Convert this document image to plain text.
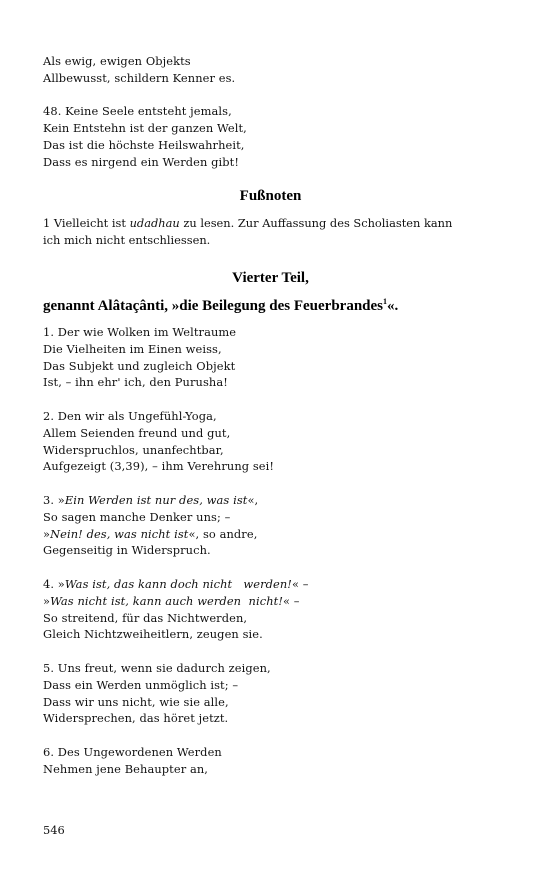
Als ewig, ewigen Objekts
Allbewusst, schildern Kenner es.
48. Keine Seele entsteht jemals,
Kein Entstehn ist der ganzen Welt,
Das ist die höchste Heilswahrheit,
Dass es nirgend ein Werden gibt!
Fußnoten
1 Vielleicht ist udadhau zu lesen. Zur Auffassung des Scholiasten kann
ich mich nicht entschliessen.
Vierter Teil,
genannt Alâtaçânti, »die Beilegung des Feuerbrandes$^1$«.
1. Der wie Wolken im Weltraume
Die Vielheiten im Einen weiss,
Das Subjekt und zugleich Objekt
Ist, – ihn ehr' ich, den Purusha!
2. Den wir als Ungefühl-Yoga,
Allem Seienden freund und gut,
Widerspruchlos, unanfechtbar,
Aufgezeigt (3,39), – ihm Verehrung sei!
3. »Ein Werden ist nur des, was ist«,
So sagen manche Denker uns; –
»Nein! des, was nicht ist«, so andre,
Gegenseitig in Widerspruch.
4. »Was ist, das kann doch nicht   werden!« –
»Was nicht ist, kann auch werden  nicht!« –
So streitend, für das Nichtwerden,
Gleich Nichtzweiheitlern, zeugen sie.
5. Uns freut, wenn sie dadurch zeigen,
Dass ein Werden unmöglich ist; –
Dass wir uns nicht, wie sie alle,
Widersprechen, das höret jetzt.
6. Des Ungewordenen Werden
Nehmen jene Behaupter an,
546
